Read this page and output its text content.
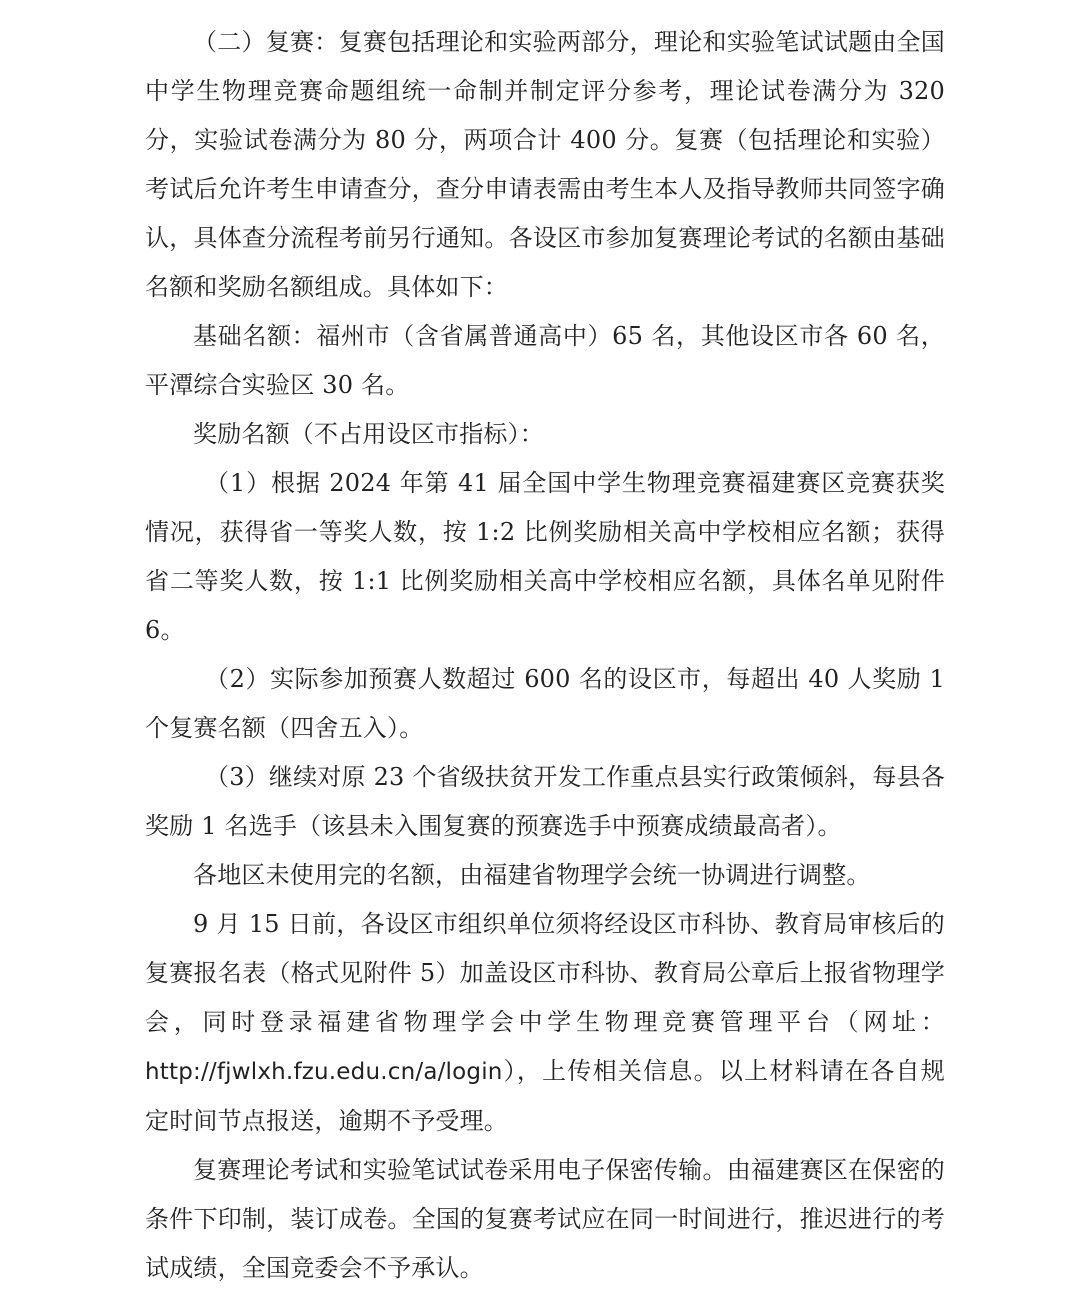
（二）复赛：复赛包括理论和实验两部分，理论和实验笔试试题由全国中学生物理竞赛命题组统一命制并制定评分参考，理论试卷满分为 320 分，实验试卷满分为 80 分，两项合计 400 分。复赛（包括理论和实验）考试后允许考生申请查分，查分申请表需由考生本人及指导教师共同签字确认，具体查分流程考前另行通知。各设区市参加复赛理论考试的名额由基础名额和奖励名额组成。具体如下：

基础名额：福州市（含省属普通高中）65 名，其他设区市各 60 名，平潭综合实验区 30 名。

奖励名额（不占用设区市指标）：

（1）根据 2024 年第 41 届全国中学生物理竞赛福建赛区竞赛获奖情况，获得省一等奖人数，按 1:2 比例奖励相关高中学校相应名额；获得省二等奖人数，按 1:1 比例奖励相关高中学校相应名额，具体名单见附件 6。

（2）实际参加预赛人数超过 600 名的设区市，每超出 40 人奖励 1 个复赛名额（四舍五入）。

（3）继续对原 23 个省级扶贫开发工作重点县实行政策倾斜，每县各奖励 1 名选手（该县未入围复赛的预赛选手中预赛成绩最高者）。

各地区未使用完的名额，由福建省物理学会统一协调进行调整。

9 月 15 日前，各设区市组织单位须将经设区市科协、教育局审核后的复赛报名表（格式见附件 5）加盖设区市科协、教育局公章后上报省物理学会，同时登录福建省物理学会中学生物理竞赛管理平台（网址：http://fjwlxh.fzu.edu.cn/a/login），上传相关信息。以上材料请在各自规定时间节点报送，逾期不予受理。

复赛理论考试和实验笔试试卷采用电子保密传输。由福建赛区在保密的条件下印制，装订成卷。全国的复赛考试应在同一时间进行，推迟进行的考试成绩，全国竞委会不予承认。
